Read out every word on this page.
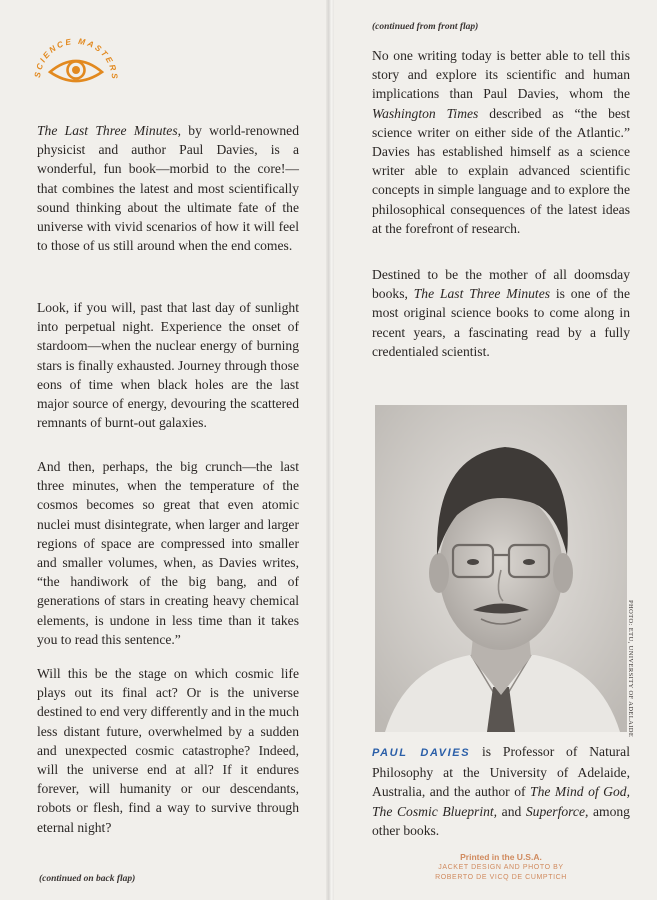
SCIENCE MASTERS

The Last Three Minutes, by world-renowned physicist and author Paul Davies, is a wonderful, fun book—morbid to the core!—that combines the latest and most scientifically sound thinking about the ultimate fate of the universe with vivid scenarios of how it will feel to those of us still around when the end comes.

Look, if you will, past that last day of sunlight into perpetual night. Experience the onset of stardoom—when the nuclear energy of burning stars is finally exhausted. Journey through those eons of time when black holes are the last major source of energy, devouring the scattered remnants of burnt-out galaxies.

And then, perhaps, the big crunch—the last three minutes, when the temperature of the cosmos becomes so great that even atomic nuclei must disintegrate, when larger and larger regions of space are compressed into smaller and smaller volumes, when, as Davies writes, “the handiwork of the big bang, and of generations of stars in creating heavy chemical elements, is undone in less time than it takes you to read this sentence.”

Will this be the stage on which cosmic life plays out its final act? Or is the universe destined to end very differently and in the much less distant future, overwhelmed by a sudden and unexpected cosmic catastrophe? Indeed, will the universe end at all? If it endures forever, will humanity or our descendants, robots or flesh, find a way to survive through eternal night?

(continued on back flap)
(continued from front flap)

No one writing today is better able to tell this story and explore its scientific and human implications than Paul Davies, whom the Washington Times described as “the best science writer on either side of the Atlantic.” Davies has established himself as a science writer able to explain advanced scientific concepts in simple language and to explore the philosophical consequences of the latest ideas at the forefront of research.

Destined to be the mother of all doomsday books, The Last Three Minutes is one of the most original science books to come along in recent years, a fascinating read by a fully credentialed scientist.

PAUL DAVIES is Professor of Natural Philosophy at the University of Adelaide, Australia, and the author of The Mind of God, The Cosmic Blueprint, and Superforce, among other books.

PHOTO: ETU, UNIVERSITY OF ADELAIDE
Printed in the U.S.A.
JACKET DESIGN AND PHOTO BY
ROBERTO DE VICQ DE CUMPTICH
